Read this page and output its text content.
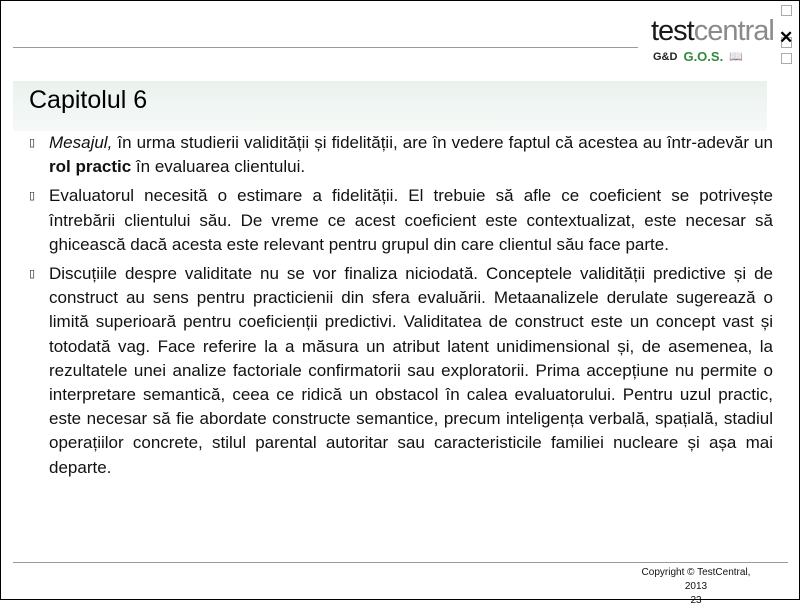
testcentral
G&D G.O.S. 📖
✕
Capitolul 6
▯ Mesajul, în urma studierii validității și fidelității, are în vedere faptul că acestea au într-adevăr un rol practic în evaluarea clientului.
▯ Evaluatorul necesită o estimare a fidelității. El trebuie să afle ce coeficient se potrivește întrebării clientului său. De vreme ce acest coeficient este contextualizat, este necesar să ghicească dacă acesta este relevant pentru grupul din care clientul său face parte.
▯ Discuțiile despre validitate nu se vor finaliza niciodată. Conceptele validității predictive și de construct au sens pentru practicienii din sfera evaluării. Metaanalizele derulate sugerează o limită superioară pentru coeficienții predictivi. Validitatea de construct este un concept vast și totodată vag. Face referire la a măsura un atribut latent unidimensional și, de asemenea, la rezultatele unei analize factoriale confirmatorii sau exploratorii. Prima accepțiune nu permite o interpretare semantică, ceea ce ridică un obstacol în calea evaluatorului. Pentru uzul practic, este necesar să fie abordate constructe semantice, precum inteligența verbală, spațială, stadiul operațiilor concrete, stilul parental autoritar sau caracteristicile familiei nucleare și așa mai departe.
Copyright © TestCentral, 2013
23
